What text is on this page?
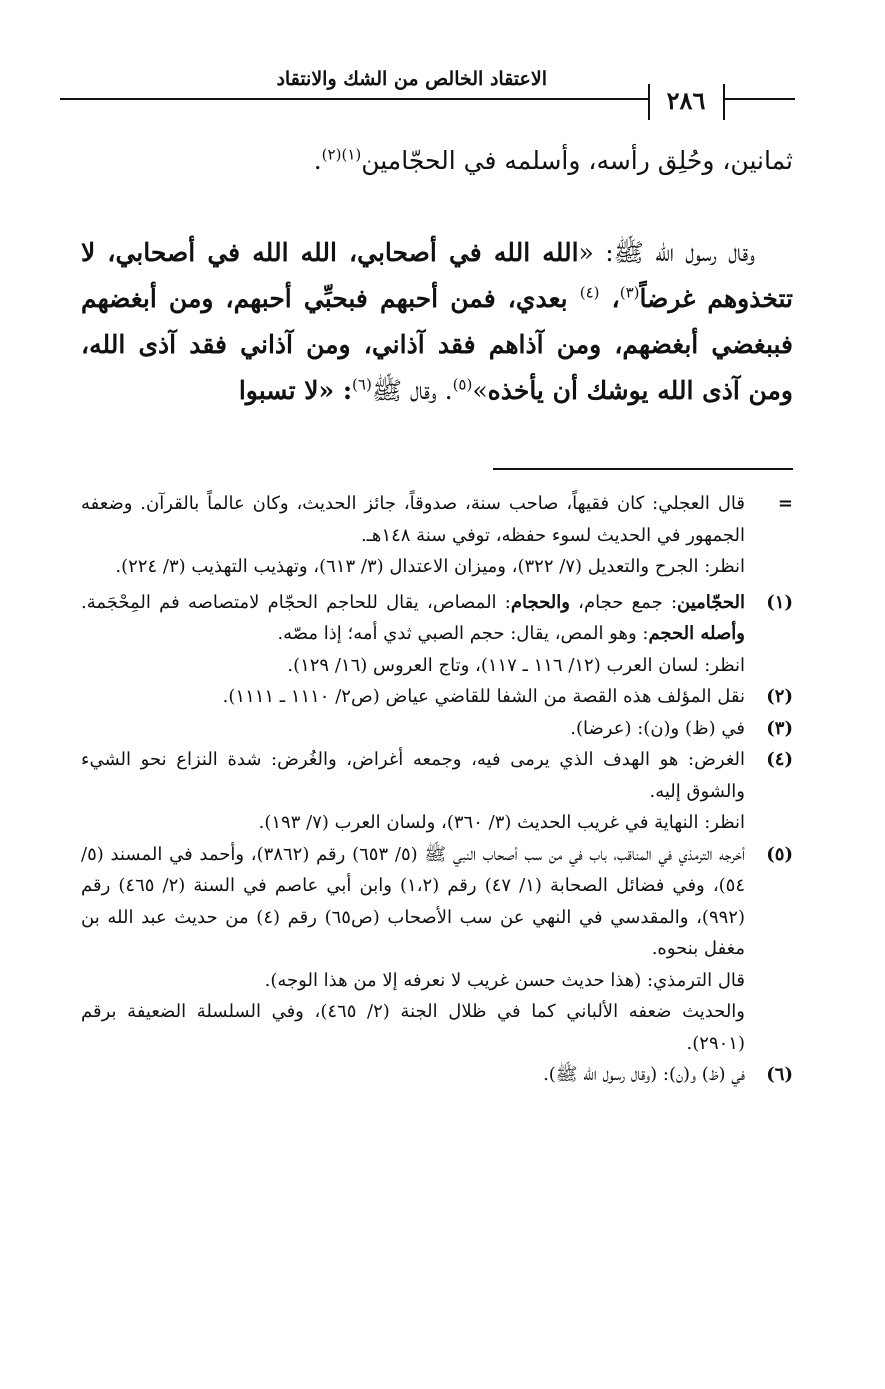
الاعتقاد الخالص من الشك والانتقاد
٢٨٦

ثمانين، وحُلِق رأسه، وأسلمه في الحجّامين$^{(١)(٢)}$.

وقال رسول الله ﷺ: «الله الله في أصحابي، الله الله في أصحابي، لا تتخذوهم غرضاً$^{(٣)}$، $^{(٤)}$ بعدي، فمن أحبهم فبحبِّي أحبهم، ومن أبغضهم فببغضي أبغضهم، ومن آذاهم فقد آذاني، ومن آذاني فقد آذى الله، ومن آذى الله يوشك أن يأخذه»$^{(٥)}$. وقال ﷺ$^{(٦)}$: «لا تسبوا

=

قال العجلي: كان فقيهاً، صاحب سنة، صدوقاً، جائز الحديث، وكان عالماً بالقرآن. وضعفه الجمهور في الحديث لسوء حفظه، توفي سنة ١٤٨هـ.

انظر: الجرح والتعديل (٧/ ٣٢٢)، وميزان الاعتدال (٣/ ٦١٣)، وتهذيب التهذيب (٣/ ٢٢٤).

(١)

الحجّامين: جمع حجام، والحجام: المصاص، يقال للحاجم الحجّام لامتصاصه فم المِحْجَمة. وأصله الحجم: وهو المص، يقال: حجم الصبي ثدي أمه؛ إذا مصّه.

انظر: لسان العرب (١٢/ ١١٦ ـ ١١٧)، وتاج العروس (١٦/ ١٢٩).

(٢)

نقل المؤلف هذه القصة من الشفا للقاضي عياض (ص٢/ ١١١٠ ـ ١١١١).

(٣)

في (ظ) و(ن): (عرضا).

(٤)

الغرض: هو الهدف الذي يرمى فيه، وجمعه أغراض، والغُرض: شدة النزاع نحو الشيء والشوق إليه.

انظر: النهاية في غريب الحديث (٣/ ٣٦٠)، ولسان العرب (٧/ ١٩٣).

(٥)

أخرجه الترمذي في المناقب، باب في من سب أصحاب النبي ﷺ (٥/ ٦٥٣) رقم (٣٨٦٢)، وأحمد في المسند (٥/ ٥٤)، وفي فضائل الصحابة (١/ ٤٧) رقم (١،٢) وابن أبي عاصم في السنة (٢/ ٤٦٥) رقم (٩٩٢)، والمقدسي في النهي عن سب الأصحاب (ص٦٥) رقم (٤) من حديث عبد الله بن مغفل بنحوه.

قال الترمذي: (هذا حديث حسن غريب لا نعرفه إلا من هذا الوجه).

والحديث ضعفه الألباني كما في ظلال الجنة (٢/ ٤٦٥)، وفي السلسلة الضعيفة برقم (٢٩٠١).

(٦)

في (ظ) و(ن): (وقال رسول الله ﷺ).
